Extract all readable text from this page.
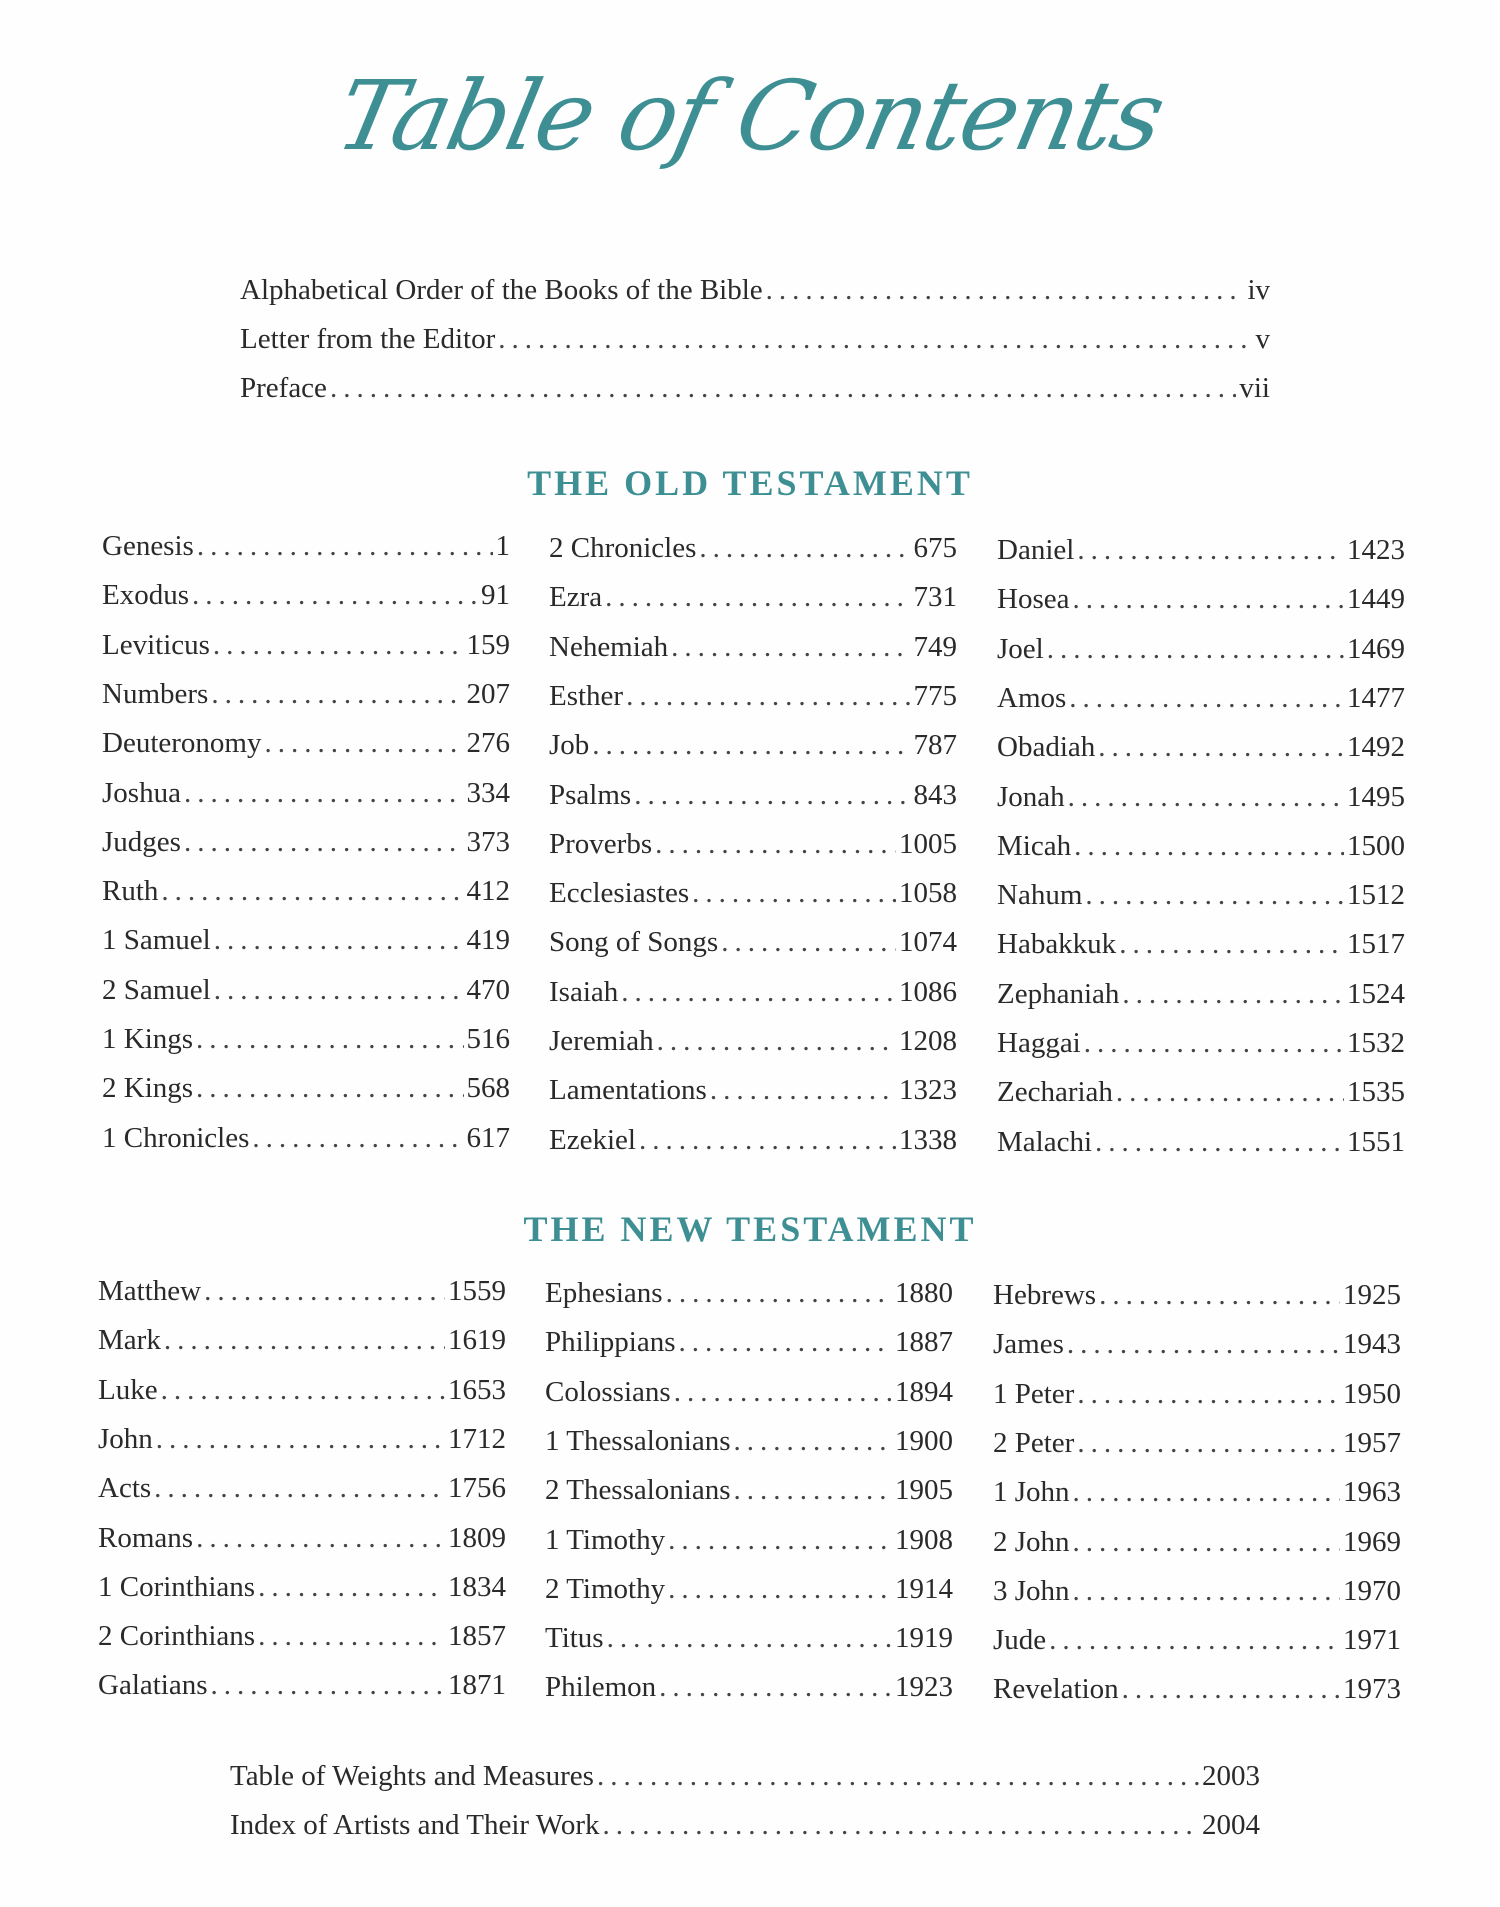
Table of Contents
Alphabetical Order of the Books of the Bible .....	iv
Letter from the Editor .....	v
Preface .....	vii
THE OLD TESTAMENT
Genesis .....	1
Exodus .....	91
Leviticus .....	159
Numbers .....	207
Deuteronomy .....	276
Joshua .....	334
Judges .....	373
Ruth .....	412
1 Samuel .....	419
2 Samuel .....	470
1 Kings .....	516
2 Kings .....	568
1 Chronicles .....	617
2 Chronicles .....	675
Ezra .....	731
Nehemiah .....	749
Esther .....	775
Job .....	787
Psalms .....	843
Proverbs .....	1005
Ecclesiastes .....	1058
Song of Songs .....	1074
Isaiah .....	1086
Jeremiah .....	1208
Lamentations .....	1323
Ezekiel .....	1338
Daniel .....	1423
Hosea .....	1449
Joel .....	1469
Amos .....	1477
Obadiah .....	1492
Jonah .....	1495
Micah .....	1500
Nahum .....	1512
Habakkuk .....	1517
Zephaniah .....	1524
Haggai .....	1532
Zechariah .....	1535
Malachi .....	1551
THE NEW TESTAMENT
Matthew .....	1559
Mark .....	1619
Luke .....	1653
John .....	1712
Acts .....	1756
Romans .....	1809
1 Corinthians .....	1834
2 Corinthians .....	1857
Galatians .....	1871
Ephesians .....	1880
Philippians .....	1887
Colossians .....	1894
1 Thessalonians .....	1900
2 Thessalonians .....	1905
1 Timothy .....	1908
2 Timothy .....	1914
Titus .....	1919
Philemon .....	1923
Hebrews .....	1925
James .....	1943
1 Peter .....	1950
2 Peter .....	1957
1 John .....	1963
2 John .....	1969
3 John .....	1970
Jude .....	1971
Revelation .....	1973
Table of Weights and Measures .....	2003
Index of Artists and Their Work .....	2004
